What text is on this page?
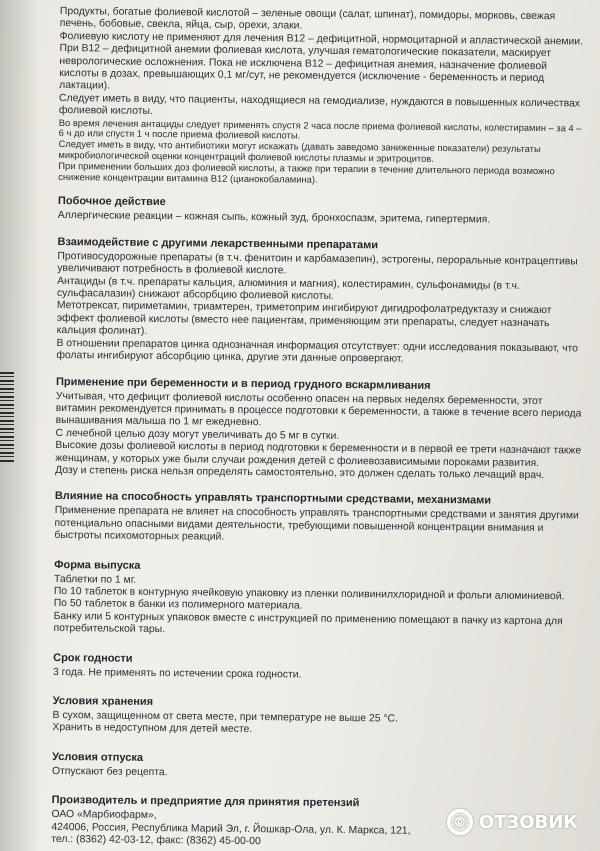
Продукты, богатые фолиевой кислотой – зеленые овощи (салат, шпинат), помидоры, морковь, свежая печень, бобовые, свекла, яйца, сыр, орехи, злаки.

Фолиевую кислоту не применяют для лечения B12 – дефицитной, нормоцитарной и апластической анемии. При B12 – дефицитной анемии фолиевая кислота, улучшая гематологические показатели, маскирует неврологические осложнения. Пока не исключена B12 – дефицитная анемия, назначение фолиевой кислоты в дозах, превышающих 0,1 мг/сут, не рекомендуется (исключение - беременность и период лактации).

Следует иметь в виду, что пациенты, находящиеся на гемодиализе, нуждаются в повышенных количествах фолиевой кислоты.

Во время лечения антациды следует применять спустя 2 часа после приема фолиевой кислоты, колестирамин – за 4 – 6 ч до или спустя 1 ч после приема фолиевой кислоты.

Следует иметь в виду, что антибиотики могут искажать (давать заведомо заниженные показатели) результаты микробиологической оценки концентраций фолиевой кислоты плазмы и эритроцитов.

При применении больших доз фолиевой кислоты, а также при терапии в течение длительного периода возможно снижение концентрации витамина B12 (цианокобаламина).

Побочное действие

Аллергические реакции – кожная сыпь, кожный зуд, бронхоспазм, эритема, гипертермия.

Взаимодействие с другими лекарственными препаратами

Противосудорожные препараты (в т.ч. фенитоин и карбамазепин), эстрогены, пероральные контрацептивы увеличивают потребность в фолиевой кислоте.

Антациды (в т.ч. препараты кальция, алюминия и магния), колестирамин, сульфонамиды (в т.ч. сульфасалазин) снижают абсорбцию фолиевой кислоты.

Метотрексат, пириметамин, триамтерен, триметоприм ингибируют дигидрофолатредуктазу и снижают эффект фолиевой кислоты (вместо нее пациентам, применяющим эти препараты, следует назначать кальция фолинат).

В отношении препаратов цинка однозначная информация отсутствует: одни исследования показывают, что фолаты ингибируют абсорбцию цинка, другие эти данные опровергают.

Применение при беременности и в период грудного вскармливания

Учитывая, что дефицит фолиевой кислоты особенно опасен на первых неделях беременности, этот витамин рекомендуется принимать в процессе подготовки к беременности, а также в течение всего периода вынашивания малыша по 1 мг ежедневно.

С лечебной целью дозу могут увеличивать до 5 мг в сутки.

Высокие дозы фолиевой кислоты в период подготовки к беременности и в первой ее трети назначают также женщинам, у которых уже были случаи рождения детей с фолиевозависимыми пороками развития.

Дозу и степень риска нельзя определять самостоятельно, это должен сделать только лечащий врач.

Влияние на способность управлять транспортными средствами, механизмами

Применение препарата не влияет на способность управлять транспортными средствами и занятия другими потенциально опасными видами деятельности, требующими повышенной концентрации внимания и быстроты психомоторных реакций.

Форма выпуска

Таблетки по 1 мг.

По 10 таблеток в контурную ячейковую упаковку из пленки поливинилхлоридной и фольги алюминиевой.

По 50 таблеток в банки из полимерного материала.

Банку или 5 контурных упаковок вместе с инструкцией по применению помещают в пачку из картона для потребительской тары.

Срок годности

3 года. Не применять по истечении срока годности.

Условия хранения

В сухом, защищенном от света месте, при температуре не выше 25 °С.

Хранить в недоступном для детей месте.

Условия отпуска

Отпускают без рецепта.

Производитель и предприятие для принятия претензий

ОАО «Марбиофарм»,

424006, Россия, Республика Марий Эл, г. Йошкар-Ола, ул. К. Маркса, 121,

тел.: (8362) 42-03-12, факс: (8362) 45-00-00

⦾ ОТЗОВИК
